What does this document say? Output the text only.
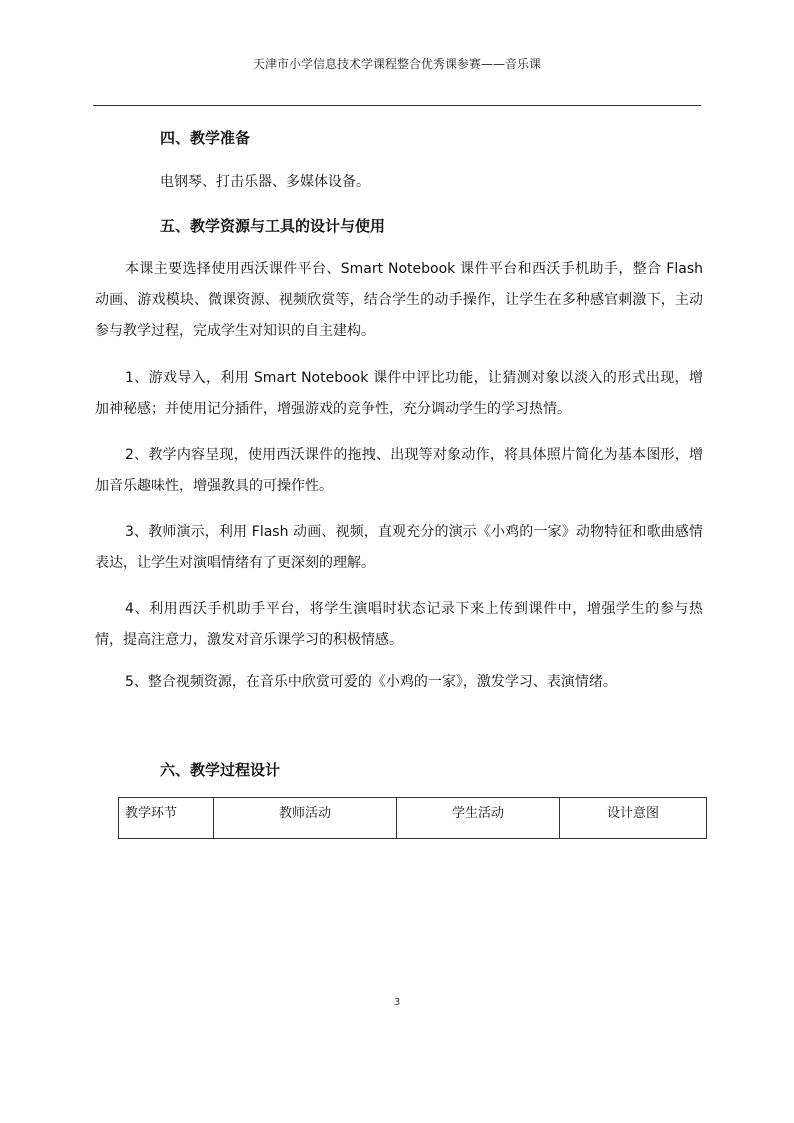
天津市小学信息技术学课程整合优秀课参赛——音乐课
四、教学准备
电钢琴、打击乐器、多媒体设备。
五、教学资源与工具的设计与使用
本课主要选择使用西沃课件平台、Smart Notebook 课件平台和西沃手机助手，整合 Flash 动画、游戏模块、微课资源、视频欣赏等，结合学生的动手操作，让学生在多种感官刺激下，主动参与教学过程，完成学生对知识的自主建构。
1、游戏导入，利用 Smart Notebook 课件中评比功能，让猜测对象以淡入的形式出现，增加神秘感；并使用记分插件，增强游戏的竞争性，充分调动学生的学习热情。
2、教学内容呈现，使用西沃课件的拖拽、出现等对象动作，将具体照片简化为基本图形，增加音乐趣味性，增强教具的可操作性。
3、教师演示，利用 Flash 动画、视频，直观充分的演示《小鸡的一家》动物特征和歌曲感情表达，让学生对演唱情绪有了更深刻的理解。
4、利用西沃手机助手平台，将学生演唱时状态记录下来上传到课件中，增强学生的参与热情，提高注意力，激发对音乐课学习的积极情感。
5、整合视频资源，在音乐中欣赏可爱的《小鸡的一家》，激发学习、表演情绪。
六、教学过程设计
教学环节	教师活动	学生活动	设计意图
3
